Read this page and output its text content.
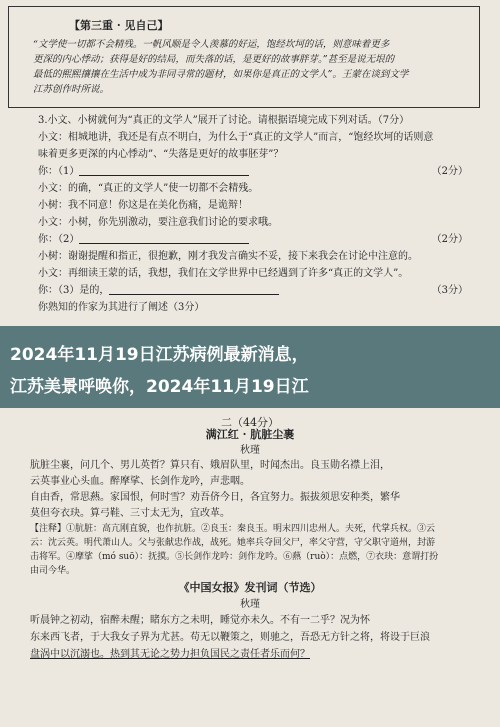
【第三重 · 见自己】
“文学使一切都不会精残。一帆风顺是令人羡慕的好运，饱经坎坷的话，则意味着更多
更深的内心悸动；获得是好的结局，而失落的话，是更好的故事胖芽。”甚至是说无垠的
最低的熙熙攘攘在生活中成为非同寻常的题材，如果你是真正的文学人”。王蒙在谈到文学
江苏创作时所说。
3.小文、小树就何为“真正的文学人”展开了讨论。请根据语境完成下列对话。（7分）
小文：相城地讲，我还是有点不明白，为什么于“真正的文学人”而言，“饱经坎坷的话则意
味着更多更深的内心悸动”、“失落是更好的故事胚芽”？
你：（1）	（2分）
小文：的确，“真正的文学人”使一切都不会精残。
小树：我不同意！你这是在美化伤痛，是诡辩！
小文：小树，你先别激动，要注意我们讨论的要求哦。
你：（2）	（2分）
小树：谢谢提醒和指正，很抱歉，刚才我发言确实不妥，接下来我会在讨论中注意的。
小文：再细读王蒙的话，我想，我们在文学世界中已经遇到了许多“真正的文学人”。
你：（3）是的，	（3分）
你熟知的作家为其进行了阐述（3分）
2024年11月19日江苏病例最新消息，
江苏美景呼唤你，2024年11月19日江
二（44分）
满江红 · 肮脏尘裹
秋瑾
肮脏尘裹，问几个、男儿英哲？算只有、娥眉队里，时闻杰出。良玉勋名襟上泪，
云英事业心头血。醉摩挲、长剑作龙吟，声悲咽。
自由香，常思爇。家国恨，何时雪？劝吾侪今日，各宜努力。振拔须思安种类，繁华
莫但夸衣玦。算弓鞋、三寸太无为，宜改革。
【注释】①肮脏：高亢刚直貌，也作抗脏。②良玉：秦良玉。明末四川忠州人。夫死，代掌兵权。③云
云：沈云英。明代萧山人。父与张献忠作战，战死。她率兵夺回父尸，率父守营，守父职守道州，封游
击将军。④摩挲（mó suō）：抚摸。⑤长剑作龙吟：剑作龙吟。⑥爇（ruò）：点燃，⑦衣玦：意谓打扮
由司今华。
《中国女报》发刊词（节选）
秋瑾
听晨钟之初动，宿醉未醒；睹东方之未明，睡觉亦未久。不有一二乎？况为怀
东来西飞者，于大我女子界为尤甚。苟无以鞭策之，则驰之，吾恐无方针之将，将设于巨浪
盘涡中以沉溺也。热到其无论之势力担负国民之责任者乐而何？
